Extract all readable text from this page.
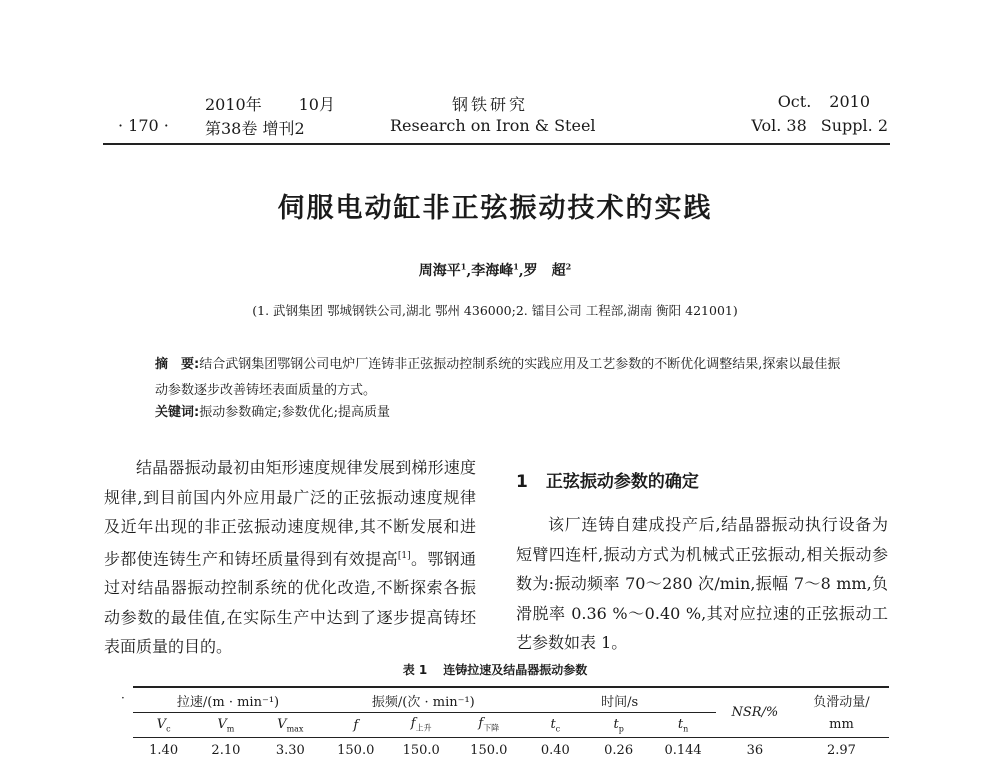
2010年 10月
· 170 · 第38卷 增刊2
钢铁研究
Research on Iron & Steel
Oct. 2010
Vol. 38 Suppl. 2
伺服电动缸非正弦振动技术的实践
周海平$^1$,李海峰$^1$,罗　超$^2$
(1. 武钢集团 鄂城钢铁公司,湖北 鄂州 436000;2. 镭目公司 工程部,湖南 衡阳 421001)
摘　要:结合武钢集团鄂钢公司电炉厂连铸非正弦振动控制系统的实践应用及工艺参数的不断优化调整结果,探索以最佳振动参数逐步改善铸坯表面质量的方式。
关键词:振动参数确定;参数优化;提高质量

结晶器振动最初由矩形速度规律发展到梯形速度规律,到目前国内外应用最广泛的正弦振动速度规律及近年出现的非正弦振动速度规律,其不断发展和进步都使连铸生产和铸坯质量得到有效提高[1]。鄂钢通过对结晶器振动控制系统的优化改造,不断探索各振动参数的最佳值,在实际生产中达到了逐步提高铸坯表面质量的目的。

1 正弦振动参数的确定

该厂连铸自建成投产后,结晶器振动执行设备为短臂四连杆,振动方式为机械式正弦振动,相关振动参数为:振动频率 70～280 次/min,振幅 7～8 mm,负滑脱率 0.36 %～0.40 %,其对应拉速的正弦振动工艺参数如表 1。

表 1 连铸拉速及结晶器振动参数
·	拉速/(m · min⁻¹)			振频/(次 · min⁻¹)			时间/s			NSR/%	负滑动量/
$V_c$	$V_m$	$V_{max}$	f	$f_{上升}$	$f_{下降}$	$t_c$	$t_p$	$t_n$		mm
1.40	2.10	3.30	150.0	150.0	150.0	0.40	0.26	0.144	36	2.97
